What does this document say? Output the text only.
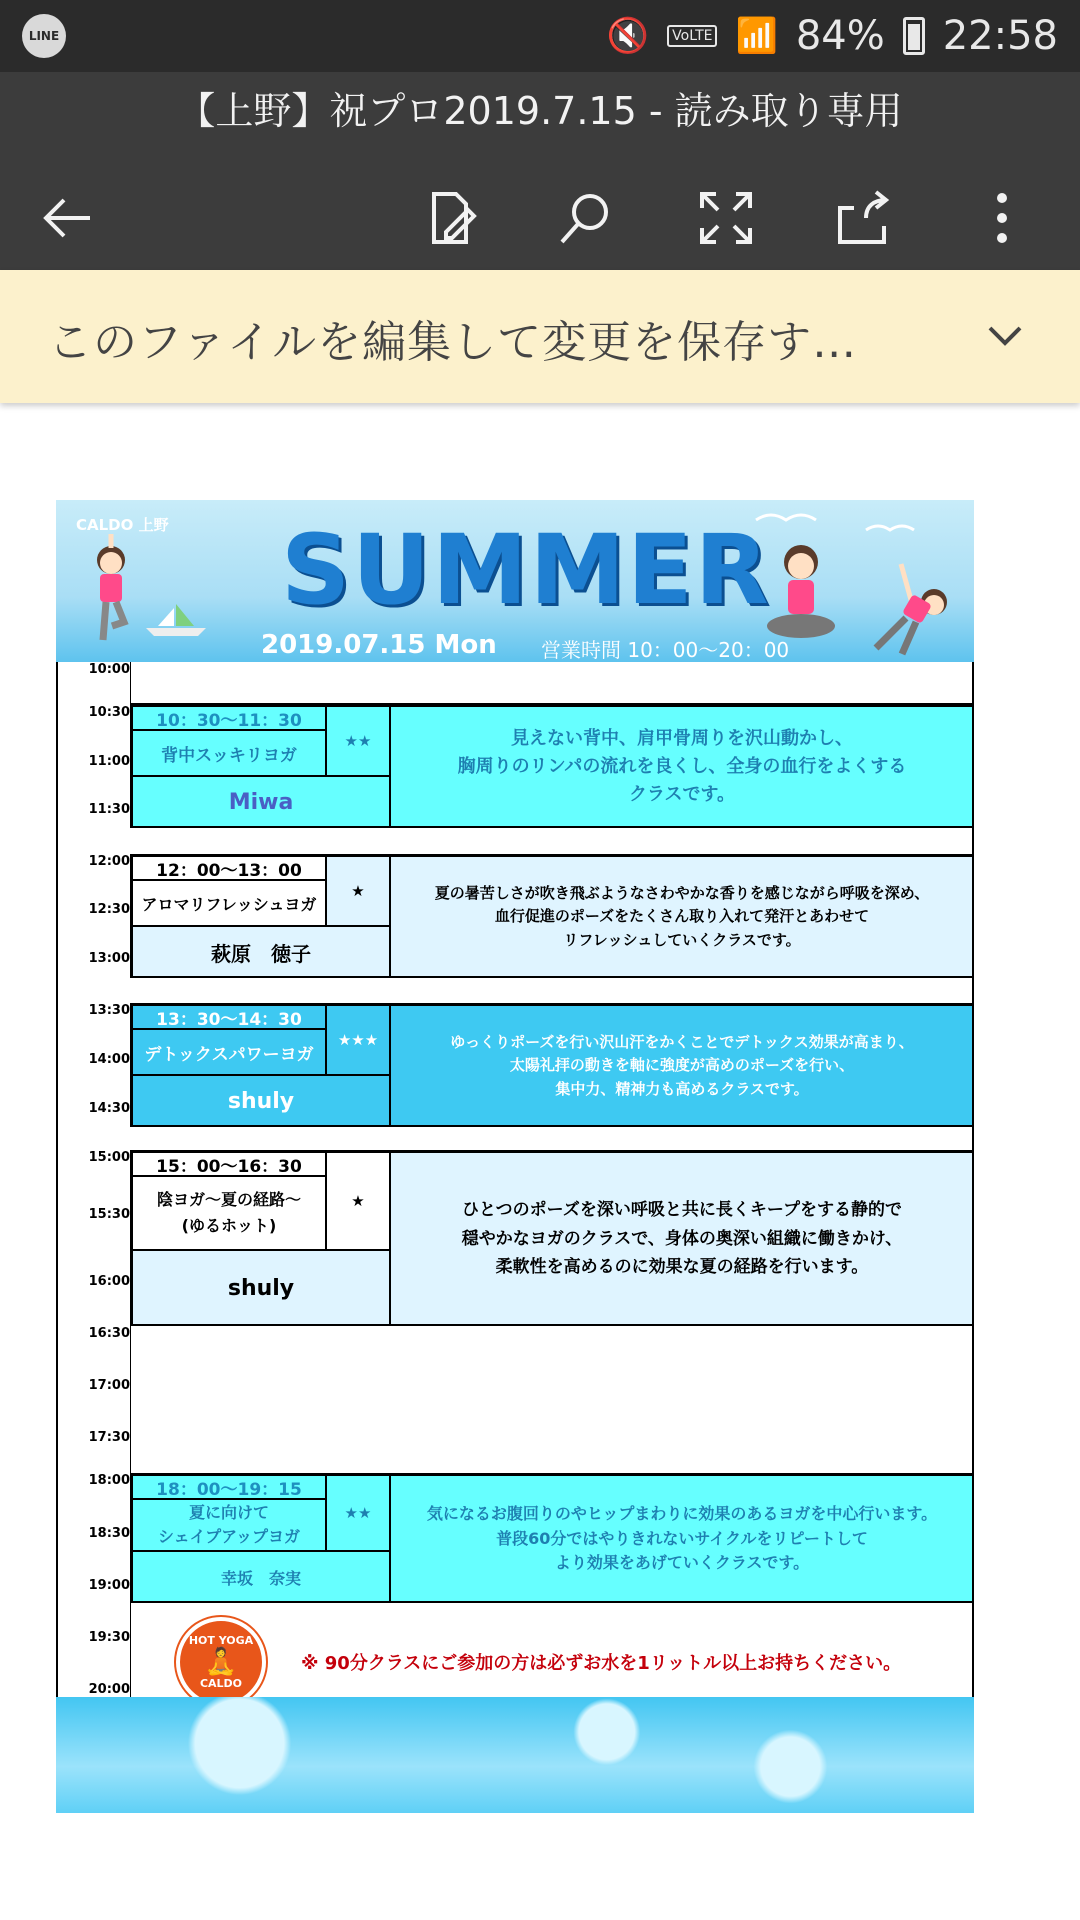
LINE	🔇	VoLTE 📶 84% 22:58
【上野】祝プロ2019.7.15 - 読み取り専用
このファイルを編集して変更を保存す…
CALDO 上野 SUMMER
2019.07.15 Mon 営業時間 10：00〜20：00
10:00
10:30
11:00
11:30
12:00
12:30
13:00
13:30
14:00
14:30
15:00
15:30
16:00
16:30
17:00
17:30
18:00
18:30
19:00
19:30
20:00
10：30〜11：30
背中スッキリヨガ
★★
Miwa
見えない背中、肩甲骨周りを沢山動かし、
胸周りのリンパの流れを良くし、全身の血行をよくする
クラスです。
12：00〜13：00
アロマリフレッシュヨガ
★
萩原　徳子
夏の暑苦しさが吹き飛ぶようなさわやかな香りを感じながら呼吸を深め、
血行促進のポーズをたくさん取り入れて発汗とあわせて
リフレッシュしていくクラスです。
13：30〜14：30
デトックスパワーヨガ
★★★
shuly
ゆっくりポーズを行い沢山汗をかくことでデトックス効果が高まり、
太陽礼拝の動きを軸に強度が高めのポーズを行い、
集中力、精神力も高めるクラスです。
15：00〜16：30
陰ヨガ～夏の経路～
(ゆるホット)
★
shuly
ひとつのポーズを深い呼吸と共に長くキープをする静的で
穏やかなヨガのクラスで、身体の奥深い組織に働きかけ、
柔軟性を高めるのに効果な夏の経路を行います。
18：00〜19：15
夏に向けて
シェイプアップヨガ
★★
幸坂　奈実
気になるお腹回りのやヒップまわりに効果のあるヨガを中心行います。
普段60分ではやりきれないサイクルをリピートして
より効果をあげていくクラスです。
HOT YOGA
🧘
CALDO
※ 90分クラスにご参加の方は必ずお水を1リットル以上お持ちください。
